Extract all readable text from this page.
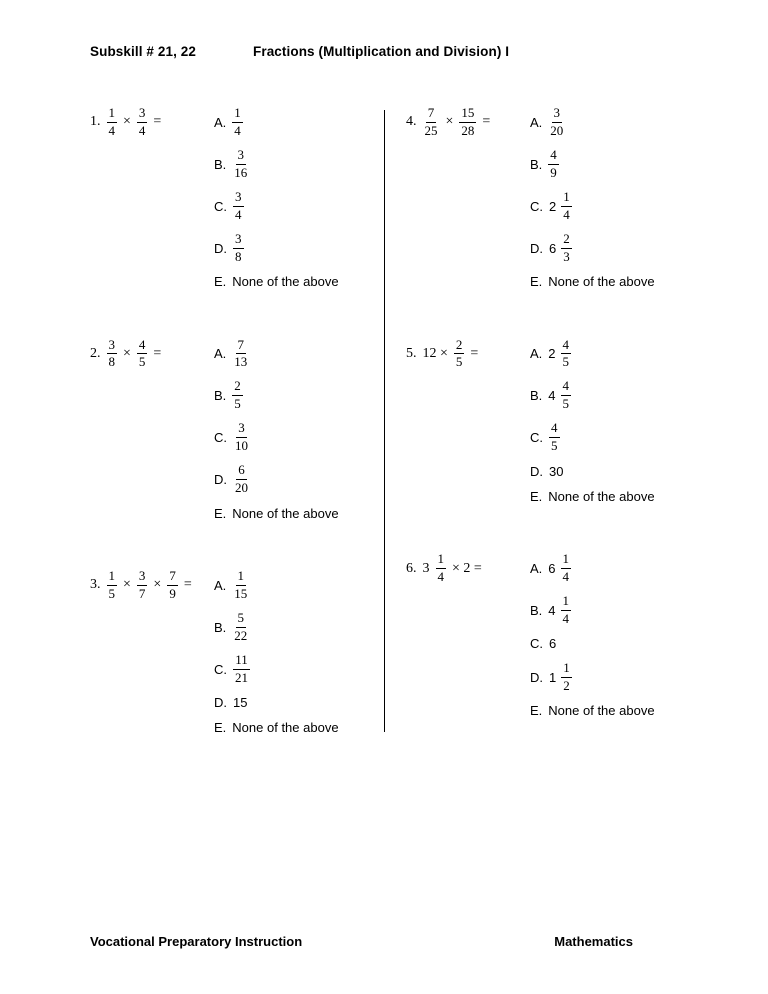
Subskill # 21, 22	Fractions (Multiplication and Division) I
1. $\frac{1}{4} \times \frac{3}{4}$ =	A. $\frac{1}{4}$
B. $\frac{3}{16}$
C. $\frac{3}{4}$
D. $\frac{3}{8}$
E. None of the above
2. $\frac{3}{8} \times \frac{4}{5}$ =	A. $\frac{7}{13}$
B. $\frac{2}{5}$
C. $\frac{3}{10}$
D. $\frac{6}{20}$
E. None of the above
3. $\frac{1}{5} \times \frac{3}{7} \times \frac{7}{9} = A$. $\frac{1}{15}$
B. $\frac{5}{22}$
C. $\frac{11}{21}$
D. 15
E. None of the above
4. $\frac{7}{25} \times \frac{15}{28}$ =	A. $\frac{3}{20}$
B. $\frac{4}{9}$
C. $2 \frac{1}{4}$
D. $6 \frac{2}{3}$
E. None of the above
5. $12 \times \frac{2}{5}$ =	A. $2 \frac{4}{5}$
B. $4 \frac{4}{5}$
C. $\frac{4}{5}$
D. 30
E. None of the above
6. $3 \frac{1}{4} \times 2$ =	A. $6 \frac{1}{4}$
B. $4 \frac{1}{4}$
C. 6
D. $1 \frac{1}{2}$
E. None of the above
Vocational Preparatory Instruction	Mathematics
